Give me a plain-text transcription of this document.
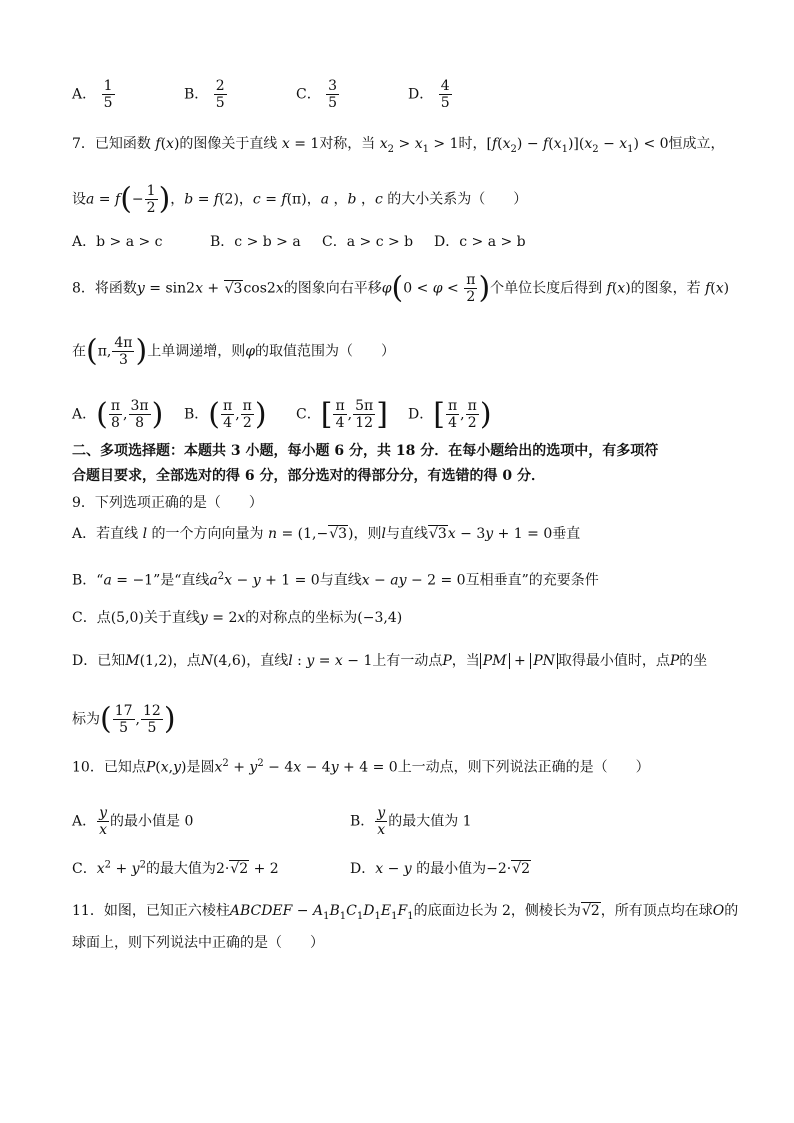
A． $\frac{1}{5}$	B． $\frac{2}{5}$	C． $\frac{3}{5}$	D． $\frac{4}{5}$
7．已知函数 f(x)的图像关于直线 x = 1对称，当 $x_2 > x_1 > 1$时，$[f(x_2) - f(x_1)](x_2 - x_1) < 0$恒成立，
设$a = f(- \frac{1}{2}$ )，b = f(2)，c = f(π)，a ，b ，c 的大小关系为（　　）
A．b > a > c	B．c > b > a C．a > c > b D．c > a > b
8．将函数y = sin2x + √3cos2x的图象向右平移$\varphi(0 < \varphi < \frac{\pi}{2}$ )个单位长度后得到 f(x)的图象，若 f(x)
在(π, $\frac{4\pi}{3}$ )上单调递增，则φ的取值范围为（　　）
A．( $\frac{\pi}{8}$ , $\frac{3\pi}{8}$ ) B．( $\frac{\pi}{4}$ , $\frac{\pi}{2}$ ) C．[ $\frac{\pi}{4}$ , $\frac{5\pi}{12}$ ] D．[ $\frac{\pi}{4}$ , $\frac{\pi}{2}$ )
二、多项选择题：本题共 3 小题，每小题 6 分，共 18 分．在每小题给出的选项中，有多项符
合题目要求，全部选对的得 6 分，部分选对的得部分分，有选错的得 0 分．
9．下列选项正确的是（　　）
A．若直线 l 的一个方向向量为 n = (1,−√3)，则l与直线√3x − 3y + 1 = 0垂直
B．“a = −1”是“直线$a^2x - y + 1 = 0$与直线x − ay − 2 = 0互相垂直”的充要条件
C．点(5,0)关于直线y = 2x的对称点的坐标为(−3,4)
D．已知M(1,2)，点N(4,6)，直线l : y = x − 1上有一动点P，当 PM + PN 取得最小值时，点P的坐
标为( $\frac{17}{5}$ , $\frac{12}{5}$ )
10．已知点P(x,y)是圆$x^2 + y^2 - 4x - 4y + 4 = 0$上一动点，则下列说法正确的是（　　）
A． $\frac{y}{x}$ 的最小值是 0	B． $\frac{y}{x}$ 的最大值为 1
C．$x^2 + y^2$的最大值为2·√2 + 2	D．x − y 的最小值为−2·√2
11．如图，已知正六棱柱ABCDEF − $A_1B_1C_1D_1E_1F_1$的底面边长为 2，侧棱长为√2，所有顶点均在球O的
球面上，则下列说法中正确的是（　　）
